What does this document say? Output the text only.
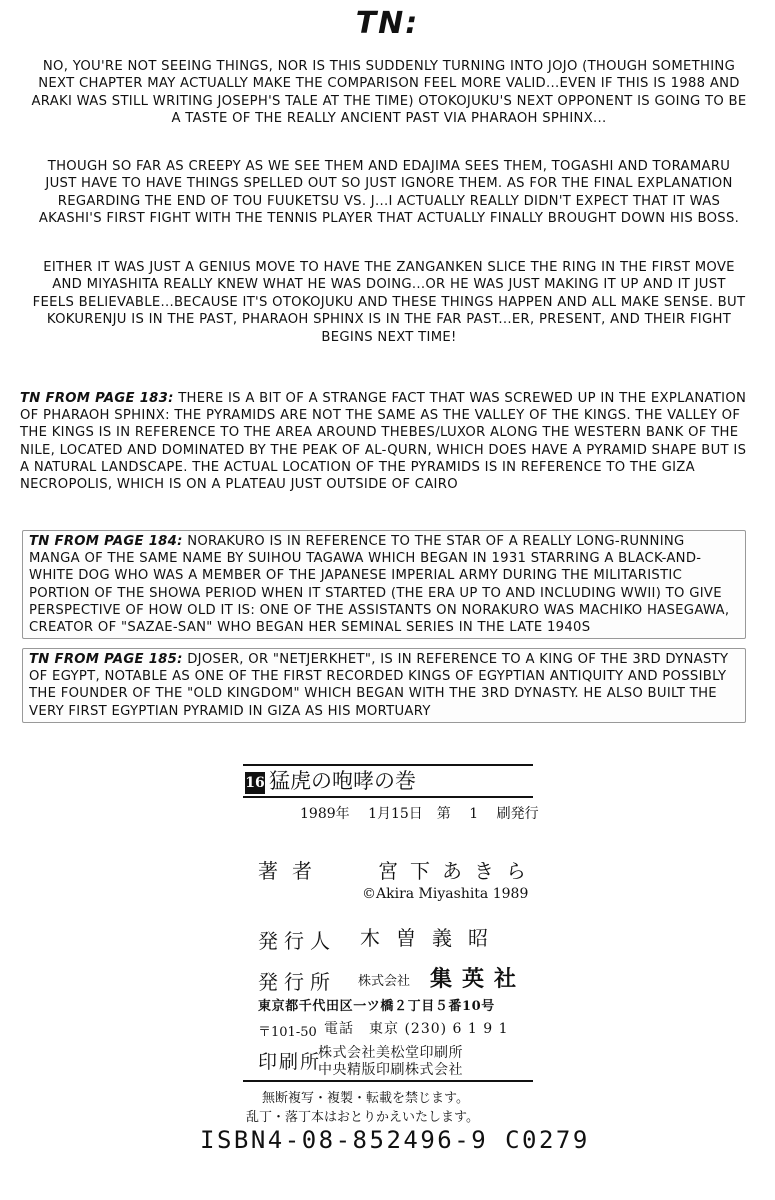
TN:
NO, YOU'RE NOT SEEING THINGS, NOR IS THIS SUDDENLY TURNING INTO JOJO (THOUGH SOMETHING NEXT CHAPTER MAY ACTUALLY MAKE THE COMPARISON FEEL MORE VALID...EVEN IF THIS IS 1988 AND ARAKI WAS STILL WRITING JOSEPH'S TALE AT THE TIME) OTOKOJUKU'S NEXT OPPONENT IS GOING TO BE A TASTE OF THE REALLY ANCIENT PAST VIA PHARAOH SPHINX...
THOUGH SO FAR AS CREEPY AS WE SEE THEM AND EDAJIMA SEES THEM, TOGASHI AND TORAMARU JUST HAVE TO HAVE THINGS SPELLED OUT SO JUST IGNORE THEM. AS FOR THE FINAL EXPLANATION REGARDING THE END OF TOU FUUKETSU VS. J...I ACTUALLY REALLY DIDN'T EXPECT THAT IT WAS AKASHI'S FIRST FIGHT WITH THE TENNIS PLAYER THAT ACTUALLY FINALLY BROUGHT DOWN HIS BOSS.
EITHER IT WAS JUST A GENIUS MOVE TO HAVE THE ZANGANKEN SLICE THE RING IN THE FIRST MOVE AND MIYASHITA REALLY KNEW WHAT HE WAS DOING...OR HE WAS JUST MAKING IT UP AND IT JUST FEELS BELIEVABLE...BECAUSE IT'S OTOKOJUKU AND THESE THINGS HAPPEN AND ALL MAKE SENSE. BUT KOKURENJU IS IN THE PAST, PHARAOH SPHINX IS IN THE FAR PAST...ER, PRESENT, AND THEIR FIGHT BEGINS NEXT TIME!
TN FROM PAGE 183: THERE IS A BIT OF A STRANGE FACT THAT WAS SCREWED UP IN THE EXPLANATION OF PHARAOH SPHINX: THE PYRAMIDS ARE NOT THE SAME AS THE VALLEY OF THE KINGS. THE VALLEY OF THE KINGS IS IN REFERENCE TO THE AREA AROUND THEBES/LUXOR ALONG THE WESTERN BANK OF THE NILE, LOCATED AND DOMINATED BY THE PEAK OF AL-QURN, WHICH DOES HAVE A PYRAMID SHAPE BUT IS A NATURAL LANDSCAPE. THE ACTUAL LOCATION OF THE PYRAMIDS IS IN REFERENCE TO THE GIZA NECROPOLIS, WHICH IS ON A PLATEAU JUST OUTSIDE OF CAIRO
TN FROM PAGE 184: NORAKURO IS IN REFERENCE TO THE STAR OF A REALLY LONG-RUNNING MANGA OF THE SAME NAME BY SUIHOU TAGAWA WHICH BEGAN IN 1931 STARRING A BLACK-AND-WHITE DOG WHO WAS A MEMBER OF THE JAPANESE IMPERIAL ARMY DURING THE MILITARISTIC PORTION OF THE SHOWA PERIOD WHEN IT STARTED (THE ERA UP TO AND INCLUDING WWII) TO GIVE PERSPECTIVE OF HOW OLD IT IS: ONE OF THE ASSISTANTS ON NORAKURO WAS MACHIKO HASEGAWA, CREATOR OF "SAZAE-SAN" WHO BEGAN HER SEMINAL SERIES IN THE LATE 1940S
TN FROM PAGE 185: DJOSER, OR "NETJERKHET", IS IN REFERENCE TO A KING OF THE 3RD DYNASTY OF EGYPT, NOTABLE AS ONE OF THE FIRST RECORDED KINGS OF EGYPTIAN ANTIQUITY AND POSSIBLY THE FOUNDER OF THE "OLD KINGDOM" WHICH BEGAN WITH THE 3RD DYNASTY. HE ALSO BUILT THE VERY FIRST EGYPTIAN PYRAMID IN GIZA AS HIS MORTUARY
16 猛虎の咆哮の巻
1989年 1月15日　第 1 刷発行
著者	宮下あきら
©Akira Miyashita 1989
発行人 木曽義昭
発行所 株式会社 集英社
東京都千代田区一ツ橋２丁目５番10号
〒101-50 電話　東京 (230) 6 1 9 1
印刷所
株式会社美松堂印刷所
中央精版印刷株式会社
無断複写・複製・転載を禁じます。
乱丁・落丁本はおとりかえいたします。
ISBN4-08-852496-9 C0279
